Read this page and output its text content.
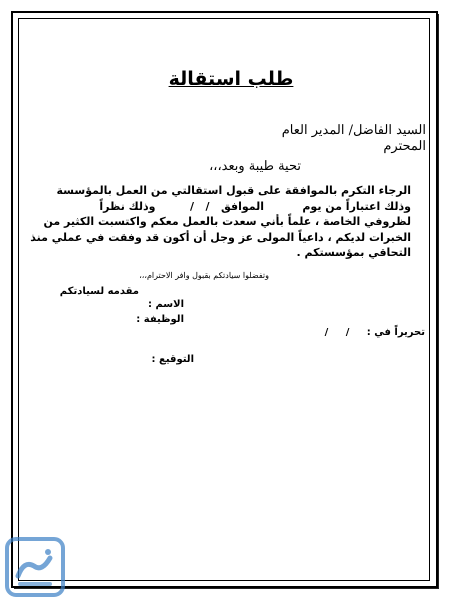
طلب استقالة
السيد الفاضل/ المدير العام
المحترم
تحية طيبة وبعد،،،
الرجاء التكرم بالموافقة على قبول استقالتي من العمل بالمؤسسة
وذلك اعتباراً من يوم          الموافق   /   /         وذلك نظراً
لظروفي الخاصة ، علماً بأني سعدت بالعمل معكم واكتسبت الكثير من
الخبرات لديكم ، داعياً المولى عز وجل أن أكون قد وفقت في عملي منذ
التحاقي بمؤسستكم .
وتفضلوا سيادتكم بقبول وافر الاحترام،،،
مقدمه لسيادتكم
الاسم :
الوظيفة :
تحريراً في :     /     /
التوقيع :
